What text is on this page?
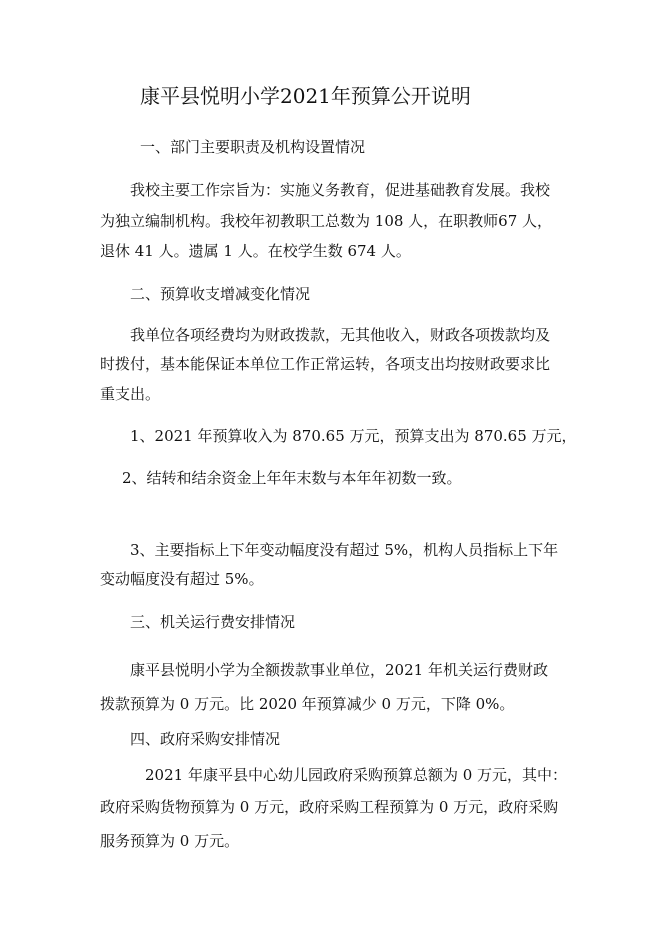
康平县悦明小学2021年预算公开说明
一、部门主要职责及机构设置情况
我校主要工作宗旨为：实施义务教育，促进基础教育发展。我校
为独立编制机构。我校年初教职工总数为 108 人，在职教师67 人，
退休 41 人。遗属 1 人。在校学生数 674 人。
二、预算收支增减变化情况
我单位各项经费均为财政拨款，无其他收入，财政各项拨款均及
时拨付，基本能保证本单位工作正常运转，各项支出均按财政要求比
重支出。
1、2021 年预算收入为 870.65 万元，预算支出为 870.65 万元，
2、结转和结余资金上年年末数与本年年初数一致。
3、主要指标上下年变动幅度没有超过 5%，机构人员指标上下年
变动幅度没有超过 5%。
三、机关运行费安排情况
康平县悦明小学为全额拨款事业单位，2021 年机关运行费财政
拨款预算为 0 万元。比 2020 年预算减少 0 万元，下降 0%。
四、政府采购安排情况
2021 年康平县中心幼儿园政府采购预算总额为 0 万元，其中：
政府采购货物预算为 0 万元，政府采购工程预算为 0 万元，政府采购
服务预算为 0 万元。
